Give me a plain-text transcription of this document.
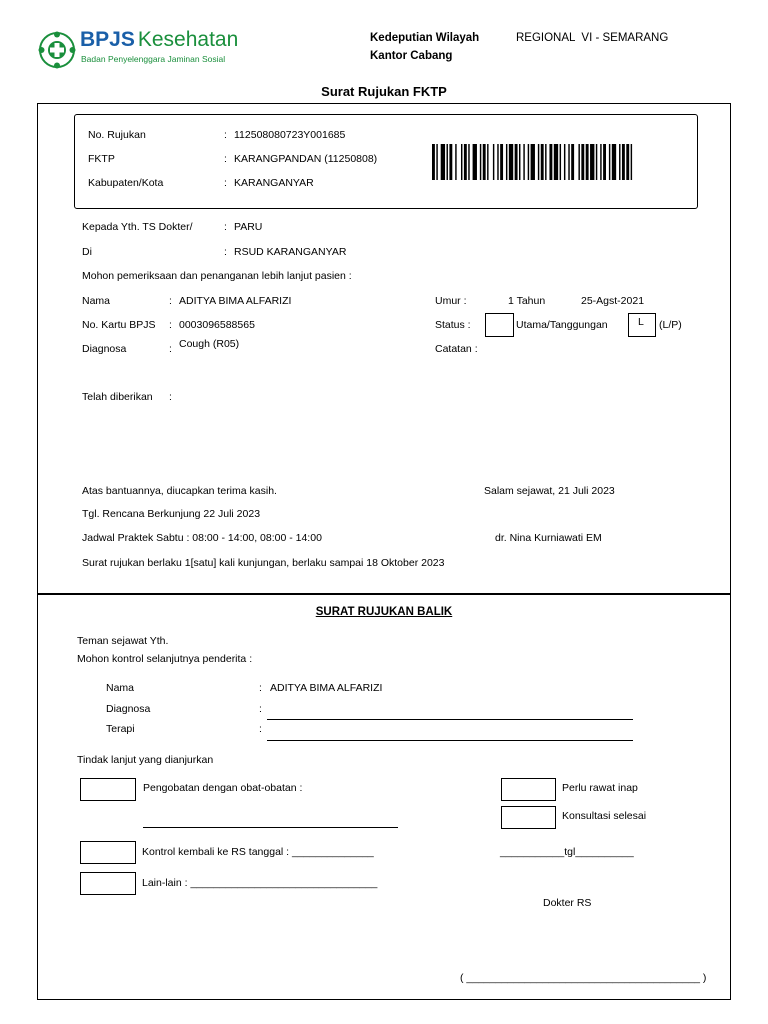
BPJS Kesehatan
Badan Penyelenggara Jaminan Sosial
Kedeputian Wilayah	REGIONAL  VI - SEMARANG
Kantor Cabang
Surat Rujukan FKTP
No. Rujukan	: 112508080723Y001685
FKTP	: KARANGPANDAN (11250808)
Kabupaten/Kota	: KARANGANYAR
Kepada Yth. TS Dokter/	: PARU
Di	: RSUD KARANGANYAR
Mohon pemeriksaan dan penanganan lebih lanjut pasien :
Nama	: ADITYA BIMA ALFARIZI	Umur :	1 Tahun	25-Agst-2021
No. Kartu BPJS : 0003096588565	Status :	Utama/Tanggungan	L (L/P)
Diagnosa	: Cough (R05)	Catatan :
Telah diberikan :
Atas bantuannya, diucapkan terima kasih.	Salam sejawat, 21 Juli 2023
Tgl. Rencana Berkunjung 22 Juli 2023
Jadwal Praktek Sabtu : 08:00 - 14:00, 08:00 - 14:00	dr. Nina Kurniawati EM
Surat rujukan berlaku 1[satu] kali kunjungan, berlaku sampai 18 Oktober 2023
SURAT RUJUKAN BALIK
Teman sejawat Yth.
Mohon kontrol selanjutnya penderita :
Nama	: ADITYA BIMA ALFARIZI
Diagnosa	:
Terapi	:
Tindak lanjut yang dianjurkan
Pengobatan dengan obat-obatan :	Perlu rawat inap
Konsultasi selesai
Kontrol kembali ke RS tanggal : ______________	___________tgl__________
Lain-lain : ________________________________
Dokter RS
( ________________________________________ )
